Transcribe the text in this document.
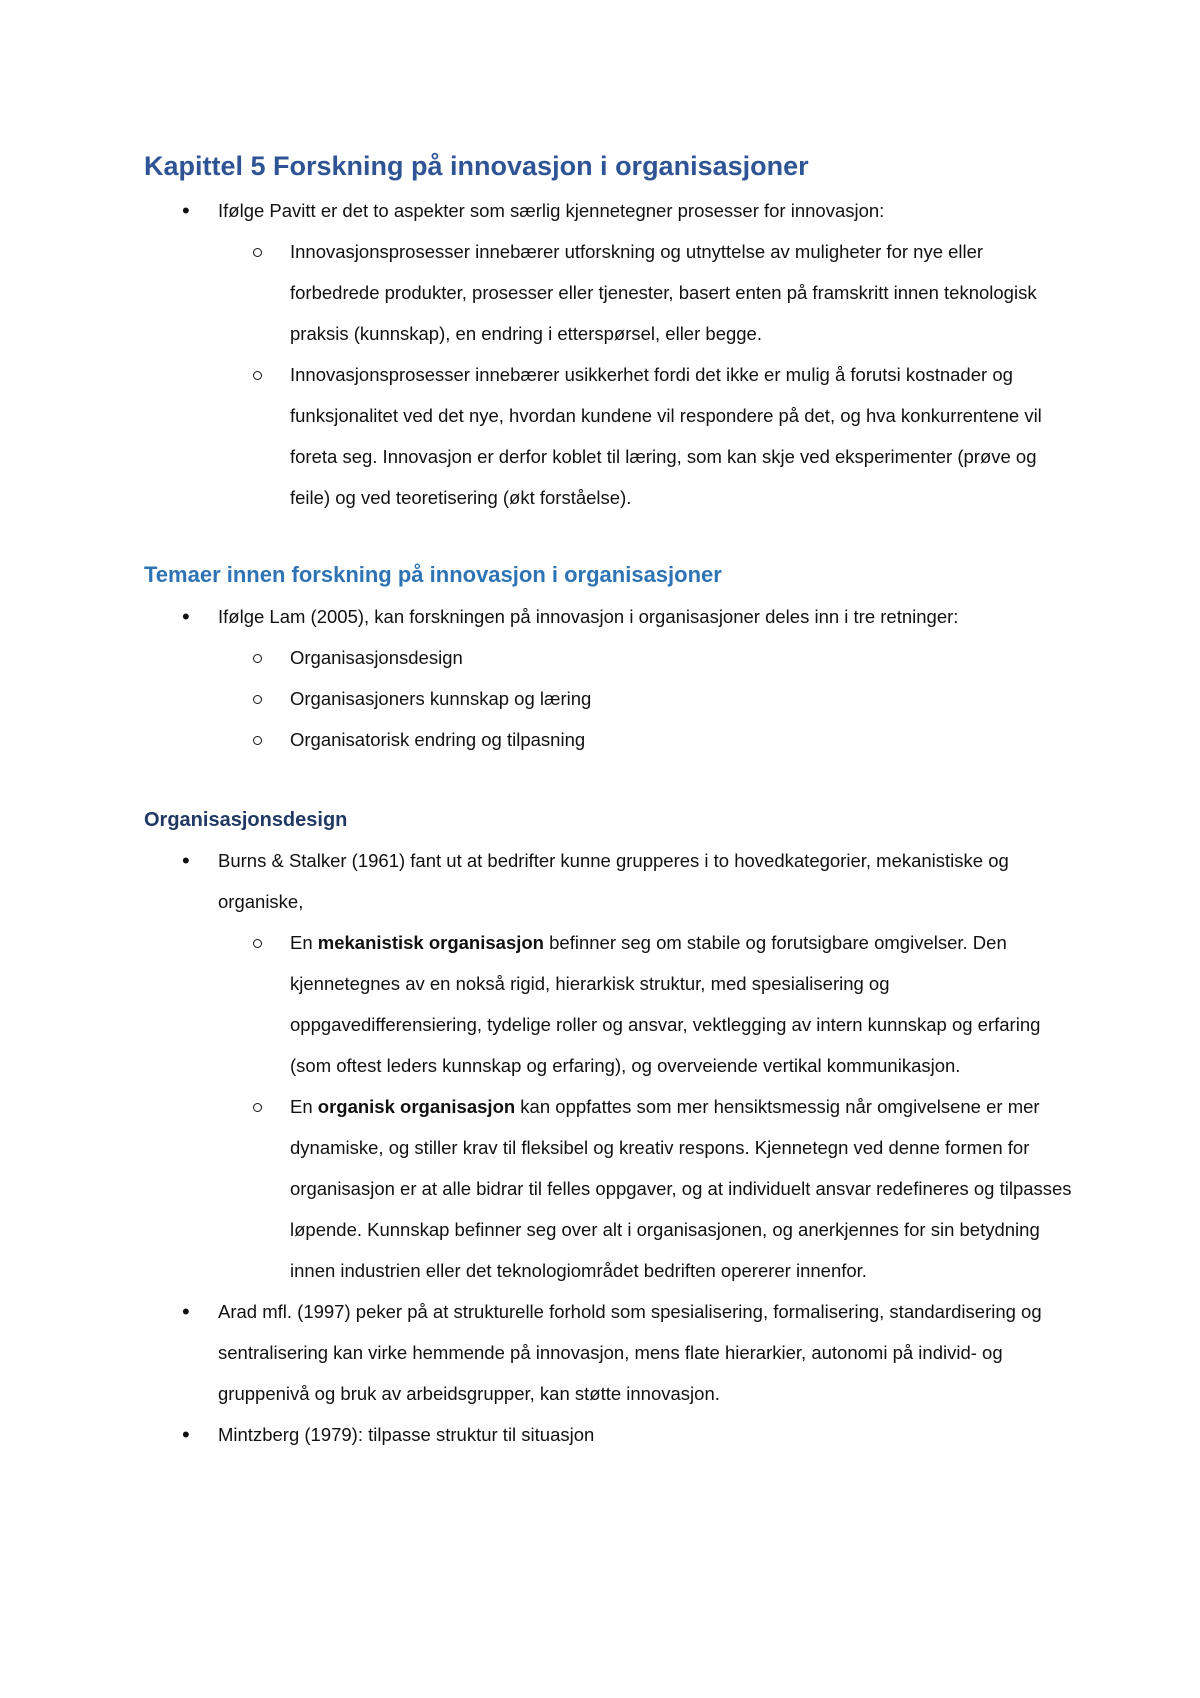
Kapittel 5 Forskning på innovasjon i organisasjoner
• Ifølge Pavitt er det to aspekter som særlig kjennetegner prosesser for innovasjon:
Innovasjonsprosesser innebærer utforskning og utnyttelse av muligheter for nye eller forbedrede produkter, prosesser eller tjenester, basert enten på framskritt innen teknologisk praksis (kunnskap), en endring i etterspørsel, eller begge.
Innovasjonsprosesser innebærer usikkerhet fordi det ikke er mulig å forutsi kostnader og funksjonalitet ved det nye, hvordan kundene vil respondere på det, og hva konkurrentene vil foreta seg. Innovasjon er derfor koblet til læring, som kan skje ved eksperimenter (prøve og feile) og ved teoretisering (økt forståelse).
Temaer innen forskning på innovasjon i organisasjoner
• Ifølge Lam (2005), kan forskningen på innovasjon i organisasjoner deles inn i tre retninger:
Organisasjonsdesign
Organisasjoners kunnskap og læring
Organisatorisk endring og tilpasning
Organisasjonsdesign
• Burns & Stalker (1961) fant ut at bedrifter kunne grupperes i to hovedkategorier, mekanistiske og organiske,
En mekanistisk organisasjon befinner seg om stabile og forutsigbare omgivelser. Den kjennetegnes av en nokså rigid, hierarkisk struktur, med spesialisering og oppgavedifferensiering, tydelige roller og ansvar, vektlegging av intern kunnskap og erfaring (som oftest leders kunnskap og erfaring), og overveiende vertikal kommunikasjon.
En organisk organisasjon kan oppfattes som mer hensiktsmessig når omgivelsene er mer dynamiske, og stiller krav til fleksibel og kreativ respons. Kjennetegn ved denne formen for organisasjon er at alle bidrar til felles oppgaver, og at individuelt ansvar redefineres og tilpasses løpende. Kunnskap befinner seg over alt i organisasjonen, og anerkjennes for sin betydning innen industrien eller det teknologiområdet bedriften opererer innenfor.
• Arad mfl. (1997) peker på at strukturelle forhold som spesialisering, formalisering, standardisering og sentralisering kan virke hemmende på innovasjon, mens flate hierarkier, autonomi på individ- og gruppenivå og bruk av arbeidsgrupper, kan støtte innovasjon.
• Mintzberg (1979): tilpasse struktur til situasjon
